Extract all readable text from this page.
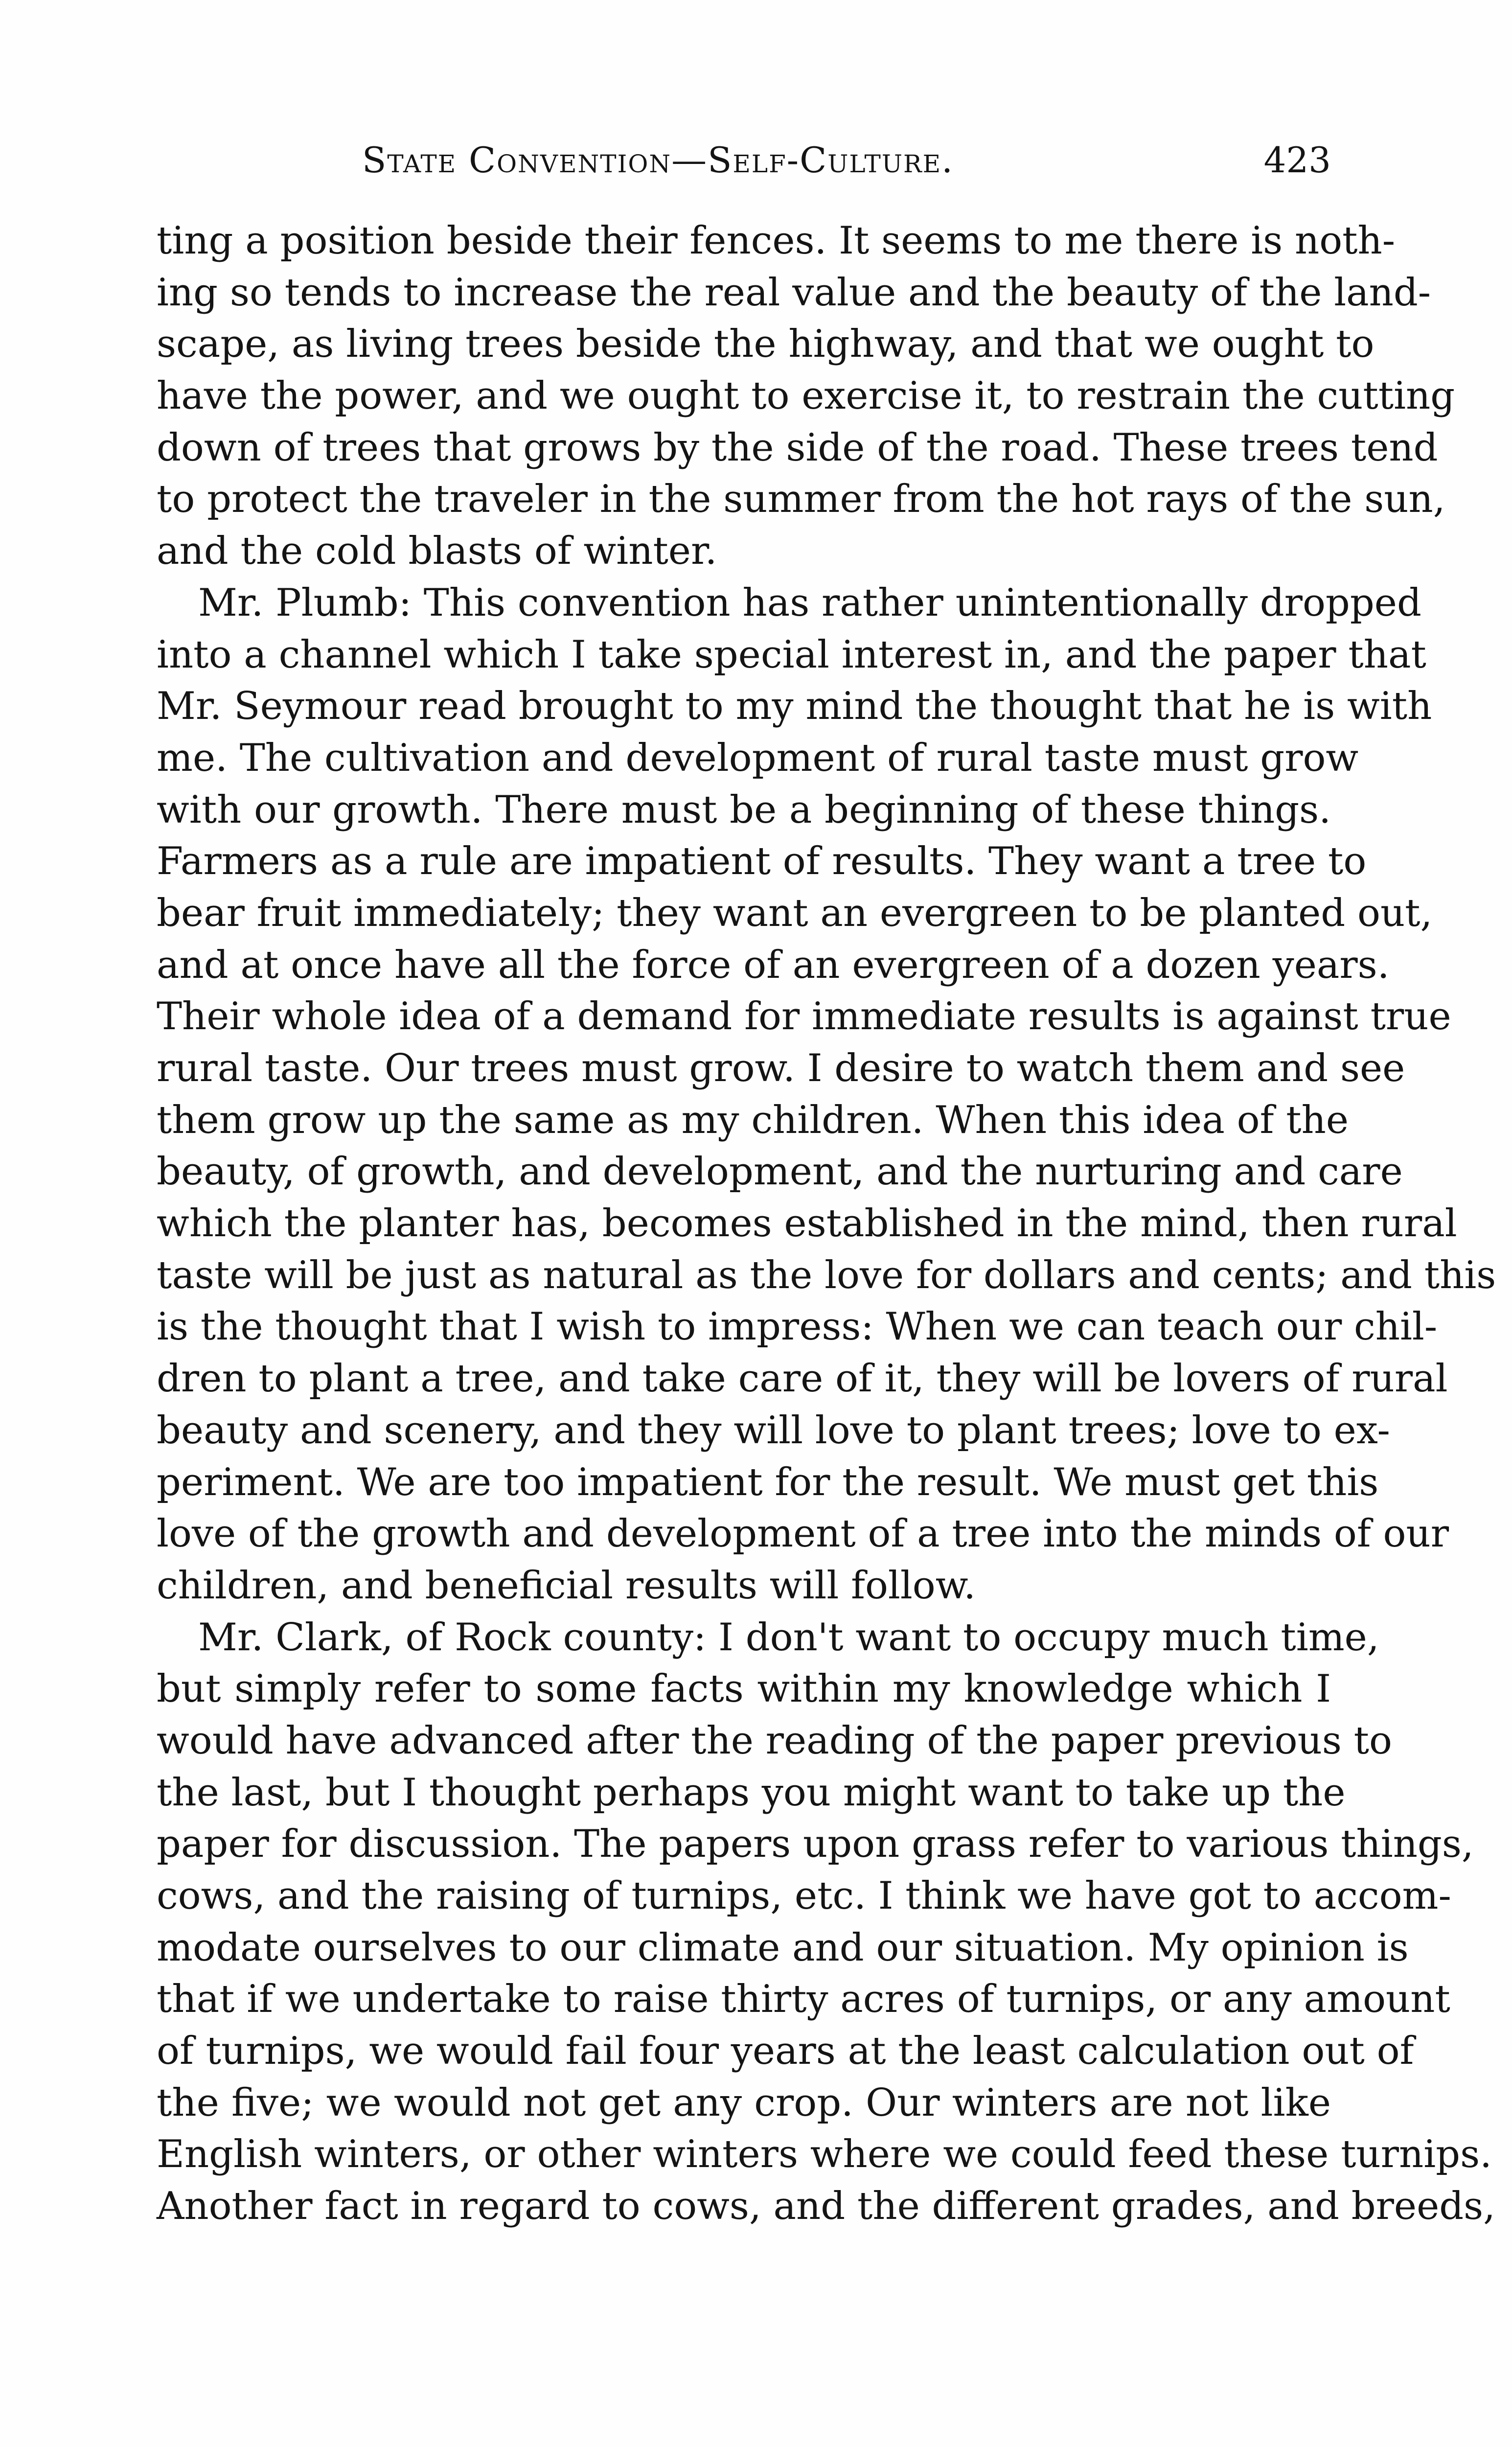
State Convention—Self-Culture.	423
ting a position beside their fences. It seems to me there is noth-
ing so tends to increase the real value and the beauty of the land-
scape, as living trees beside the highway, and that we ought to
have the power, and we ought to exercise it, to restrain the cutting
down of trees that grows by the side of the road. These trees tend
to protect the traveler in the summer from the hot rays of the sun,
and the cold blasts of winter.
Mr. Plumb: This convention has rather unintentionally dropped
into a channel which I take special interest in, and the paper that
Mr. Seymour read brought to my mind the thought that he is with
me. The cultivation and development of rural taste must grow
with our growth. There must be a beginning of these things.
Farmers as a rule are impatient of results. They want a tree to
bear fruit immediately; they want an evergreen to be planted out,
and at once have all the force of an evergreen of a dozen years.
Their whole idea of a demand for immediate results is against true
rural taste. Our trees must grow. I desire to watch them and see
them grow up the same as my children. When this idea of the
beauty, of growth, and development, and the nurturing and care
which the planter has, becomes established in the mind, then rural
taste will be just as natural as the love for dollars and cents; and this
is the thought that I wish to impress: When we can teach our chil-
dren to plant a tree, and take care of it, they will be lovers of rural
beauty and scenery, and they will love to plant trees; love to ex-
periment. We are too impatient for the result. We must get this
love of the growth and development of a tree into the minds of our
children, and beneficial results will follow.
Mr. Clark, of Rock county: I don't want to occupy much time,
but simply refer to some facts within my knowledge which I
would have advanced after the reading of the paper previous to
the last, but I thought perhaps you might want to take up the
paper for discussion. The papers upon grass refer to various things,
cows, and the raising of turnips, etc. I think we have got to accom-
modate ourselves to our climate and our situation. My opinion is
that if we undertake to raise thirty acres of turnips, or any amount
of turnips, we would fail four years at the least calculation out of
the five; we would not get any crop. Our winters are not like
English winters, or other winters where we could feed these turnips.
Another fact in regard to cows, and the different grades, and breeds,
